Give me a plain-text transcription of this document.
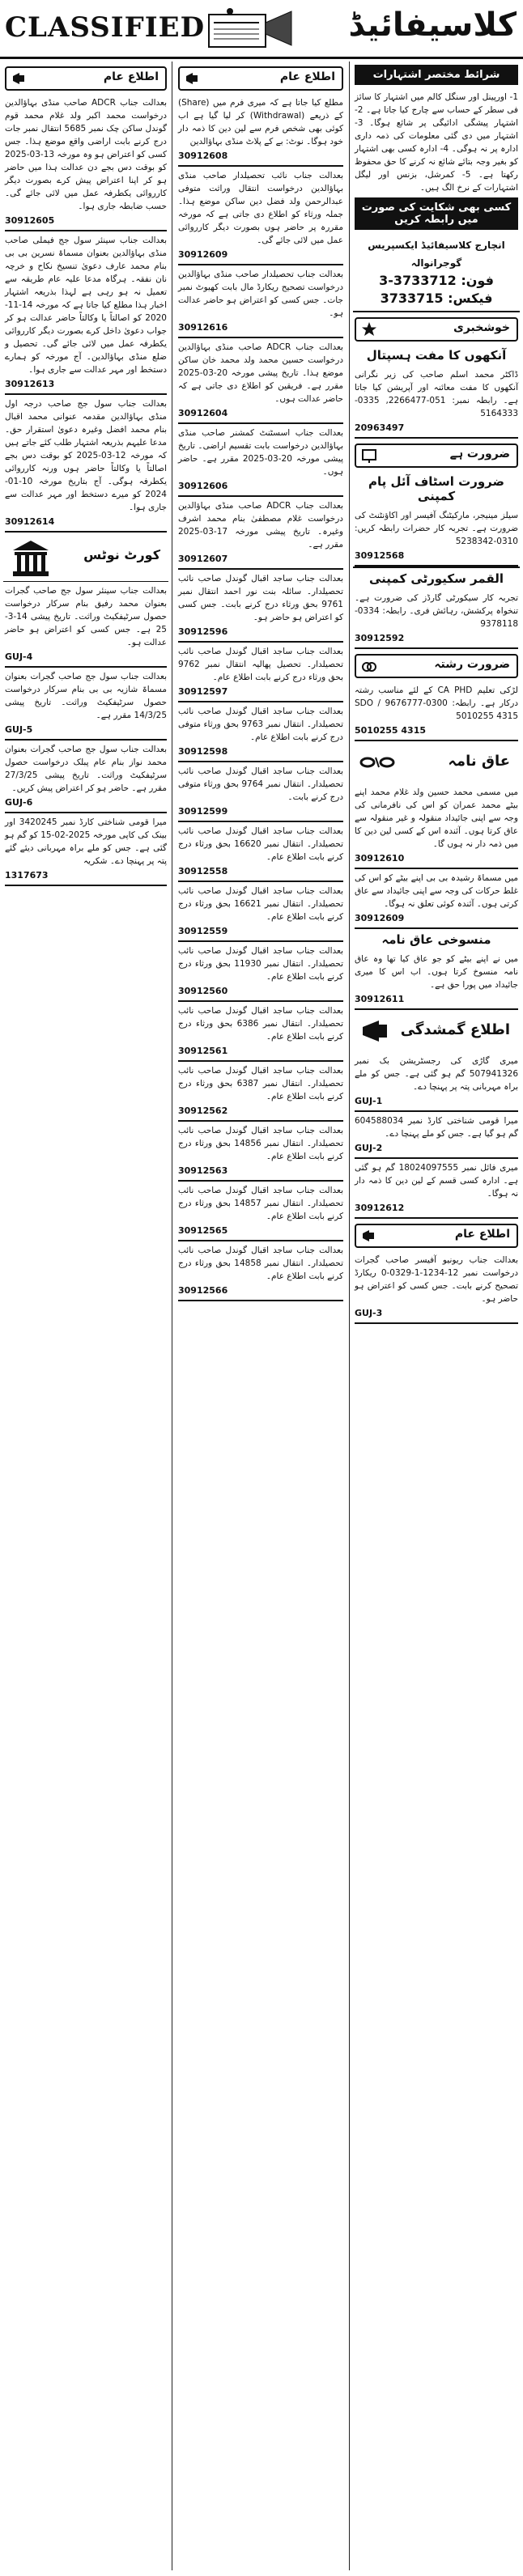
CLASSIFIED	کلاسیفائیڈ
اطلاع عام
بعدالت جناب ADCR صاحب منڈی بہاؤالدین درخواست محمد اکبر ولد غلام محمد قوم گوندل ساکن چک نمبر 5685 انتقال نمبر جات درج کرنے بابت اراضی واقع موضع ہذا۔ جس کسی کو اعتراض ہو وہ مورخہ 13-03-2025 کو بوقت دس بجے دن عدالت ہذا میں حاضر ہو کر اپنا اعتراض پیش کرے بصورت دیگر کارروائی یکطرفہ عمل میں لائی جائے گی۔ حسب ضابطہ جاری ہوا۔
30912605
بعدالت جناب سینئر سول جج فیملی صاحب منڈی بہاؤالدین بعنوان مسماۃ نسرین بی بی بنام محمد عارف دعویٰ تنسیخ نکاح و خرچہ نان نفقہ۔ ہرگاہ مدعا علیہ عام طریقہ سے تعمیل نہ ہو رہی ہے لہذا بذریعہ اشتہار اخبار ہذا مطلع کیا جاتا ہے کہ مورخہ 14-11-2020 کو اصالتاً یا وکالتاً حاضر عدالت ہو کر جواب دعویٰ داخل کرے بصورت دیگر کارروائی یکطرفہ عمل میں لائی جائے گی۔ تحصیل و ضلع منڈی بہاؤالدین۔ آج مورخہ کو ہمارے دستخط اور مہر عدالت سے جاری ہوا۔
30912613
بعدالت جناب سول جج صاحب درجہ اول منڈی بہاؤالدین مقدمہ عنوانی محمد اقبال بنام محمد افضل وغیرہ دعویٰ استقرار حق۔ مدعا علیہم بذریعہ اشتہار طلب کئے جاتے ہیں کہ مورخہ 12-03-2025 کو بوقت دس بجے اصالتاً یا وکالتاً حاضر ہوں ورنہ کارروائی یکطرفہ ہوگی۔ آج بتاریخ مورخہ 10-01-2024 کو میرے دستخط اور مہر عدالت سے جاری ہوا۔
30912614
کورٹ نوٹس
بعدالت جناب سینئر سول جج صاحب گجرات بعنوان محمد رفیق بنام سرکار درخواست حصول سرٹیفکیٹ وراثت۔ تاریخ پیشی 14-3-25 ہے۔ جس کسی کو اعتراض ہو حاضر عدالت ہو۔
GUJ-4
بعدالت جناب سول جج صاحب گجرات بعنوان مسماۃ شازیہ بی بی بنام سرکار درخواست حصول سرٹیفکیٹ وراثت۔ تاریخ پیشی 14/3/25 مقرر ہے۔
GUJ-5
بعدالت جناب سول جج صاحب گجرات بعنوان محمد نواز بنام عام پبلک درخواست حصول سرٹیفکیٹ وراثت۔ تاریخ پیشی 27/3/25 مقرر ہے۔ حاضر ہو کر اعتراض پیش کریں۔
GUJ-6
میرا قومی شناختی کارڈ نمبر 3420245 اور بینک کی کاپی مورخہ 2025-02-15 کو گم ہو گئی ہے۔ جس کو ملے براہ مہربانی دیئے گئے پتہ پر پہنچا دے۔ شکریہ
1317673
اطلاع عام
مطلع کیا جاتا ہے کہ میری فرم میں (Share) کے ذریعے (Withdrawal) کر لیا گیا ہے اب کوئی بھی شخص فرم سے لین دین کا ذمہ دار خود ہوگا۔ نوٹ: بے کے پلاٹ منڈی بہاؤالدین
30912608
بعدالت جناب نائب تحصیلدار صاحب منڈی بہاؤالدین درخواست انتقال وراثت متوفی عبدالرحمن ولد فضل دین ساکن موضع ہذا۔ جملہ ورثاء کو اطلاع دی جاتی ہے کہ مورخہ مقررہ پر حاضر ہوں بصورت دیگر کارروائی عمل میں لائی جائے گی۔
30912609
بعدالت جناب تحصیلدار صاحب منڈی بہاؤالدین درخواست تصحیح ریکارڈ مال بابت کھیوٹ نمبر جات۔ جس کسی کو اعتراض ہو حاضر عدالت ہو۔
30912616
بعدالت جناب ADCR صاحب منڈی بہاؤالدین درخواست حسین محمد ولد محمد خان ساکن موضع ہذا۔ تاریخ پیشی مورخہ 20-03-2025 مقرر ہے۔ فریقین کو اطلاع دی جاتی ہے کہ حاضر عدالت ہوں۔
30912604
بعدالت جناب اسسٹنٹ کمشنر صاحب منڈی بہاؤالدین درخواست بابت تقسیم اراضی۔ تاریخ پیشی مورخہ 20-03-2025 مقرر ہے۔ حاضر ہوں۔
30912606
بعدالت جناب ADCR صاحب منڈی بہاؤالدین درخواست غلام مصطفیٰ بنام محمد اشرف وغیرہ۔ تاریخ پیشی مورخہ 17-03-2025 مقرر ہے۔
30912607
بعدالت جناب ساجد اقبال گوندل صاحب نائب تحصیلدار۔ سائلہ بنت نور احمد انتقال نمبر 9761 بحق ورثاء درج کرنے بابت۔ جس کسی کو اعتراض ہو حاضر ہو۔
30912596
بعدالت جناب ساجد اقبال گوندل صاحب نائب تحصیلدار۔ تحصیل پھالیہ انتقال نمبر 9762 بحق ورثاء درج کرنے بابت اطلاع عام۔
30912597
بعدالت جناب ساجد اقبال گوندل صاحب نائب تحصیلدار۔ انتقال نمبر 9763 بحق ورثاء متوفی درج کرنے بابت اطلاع عام۔
30912598
بعدالت جناب ساجد اقبال گوندل صاحب نائب تحصیلدار۔ انتقال نمبر 9764 بحق ورثاء متوفی درج کرنے بابت۔
30912599
بعدالت جناب ساجد اقبال گوندل صاحب نائب تحصیلدار۔ انتقال نمبر 16620 بحق ورثاء درج کرنے بابت اطلاع عام۔
30912558
بعدالت جناب ساجد اقبال گوندل صاحب نائب تحصیلدار۔ انتقال نمبر 16621 بحق ورثاء درج کرنے بابت اطلاع عام۔
30912559
بعدالت جناب ساجد اقبال گوندل صاحب نائب تحصیلدار۔ انتقال نمبر 11930 بحق ورثاء درج کرنے بابت اطلاع عام۔
30912560
بعدالت جناب ساجد اقبال گوندل صاحب نائب تحصیلدار۔ انتقال نمبر 6386 بحق ورثاء درج کرنے بابت اطلاع عام۔
30912561
بعدالت جناب ساجد اقبال گوندل صاحب نائب تحصیلدار۔ انتقال نمبر 6387 بحق ورثاء درج کرنے بابت اطلاع عام۔
30912562
بعدالت جناب ساجد اقبال گوندل صاحب نائب تحصیلدار۔ انتقال نمبر 14856 بحق ورثاء درج کرنے بابت اطلاع عام۔
30912563
بعدالت جناب ساجد اقبال گوندل صاحب نائب تحصیلدار۔ انتقال نمبر 14857 بحق ورثاء درج کرنے بابت اطلاع عام۔
30912565
بعدالت جناب ساجد اقبال گوندل صاحب نائب تحصیلدار۔ انتقال نمبر 14858 بحق ورثاء درج کرنے بابت اطلاع عام۔
30912566
شرائط مختصر اشتہارات
1- اورپینل اور سنگل کالم میں اشتہار کا سائز فی سطر کے حساب سے چارج کیا جاتا ہے۔ 2- اشتہار پیشگی ادائیگی پر شائع ہوگا۔ 3- اشتہار میں دی گئی معلومات کی ذمہ داری ادارہ پر نہ ہوگی۔ 4- ادارہ کسی بھی اشتہار کو بغیر وجہ بتائے شائع نہ کرنے کا حق محفوظ رکھتا ہے۔ 5- کمرشل، بزنس اور لیگل اشتہارات کے نرخ الگ ہیں۔
کسی بھی شکایت کی صورت میں رابطہ کریں
انچارج کلاسیفائیڈ ایکسپریس گوجرانوالہ
فون: 3733712-3
فیکس: 3733715
خوشخبری
آنکھوں کا مفت ہسپتال
ڈاکٹر محمد اسلم صاحب کی زیر نگرانی آنکھوں کا مفت معائنہ اور آپریشن کیا جاتا ہے۔ رابطہ نمبر: 051-2266477, 0335-5164333
20963497
ضرورت ہے
ضرورت اسٹاف آئل پام کمپنی
سیلز مینیجر، مارکیٹنگ آفیسر اور اکاؤنٹنٹ کی ضرورت ہے۔ تجربہ کار حضرات رابطہ کریں: 0310-5238342
30912568
القمر سکیورٹی کمپنی
تجربہ کار سیکورٹی گارڈز کی ضرورت ہے۔ تنخواہ پرکشش، رہائش فری۔ رابطہ: 0334-9378118
30912592
ضرورت رشتہ
لڑکی تعلیم CA PHD کے لئے مناسب رشتہ درکار ہے۔ رابطہ: 0300-9676777 / SDO 5010255 4315
5010255 4315
عاق نامہ
میں مسمی محمد حسین ولد غلام محمد اپنے بیٹے محمد عمران کو اس کی نافرمانی کی وجہ سے اپنی جائیداد منقولہ و غیر منقولہ سے عاق کرتا ہوں۔ آئندہ اس کے کسی لین دین کا میں ذمہ دار نہ ہوں گا۔
30912610
میں مسماۃ رشیدہ بی بی اپنے بیٹے کو اس کی غلط حرکات کی وجہ سے اپنی جائیداد سے عاق کرتی ہوں۔ آئندہ کوئی تعلق نہ ہوگا۔
30912609
منسوخی عاق نامہ
میں نے اپنے بیٹے کو جو عاق کیا تھا وہ عاق نامہ منسوخ کرتا ہوں۔ اب اس کا میری جائیداد میں پورا حق ہے۔
30912611
اطلاع گمشدگی
میری گاڑی کی رجسٹریشن بک نمبر 507941326 گم ہو گئی ہے۔ جس کو ملے براہ مہربانی پتہ پر پہنچا دے۔
GUJ-1
میرا قومی شناختی کارڈ نمبر 604588034 گم ہو گیا ہے۔ جس کو ملے پہنچا دے۔
GUJ-2
میری فائل نمبر 18024097555 گم ہو گئی ہے۔ ادارہ کسی قسم کے لین دین کا ذمہ دار نہ ہوگا۔
30912612
اطلاع عام
بعدالت جناب ریونیو آفیسر صاحب گجرات درخواست نمبر 12-1234-1-0329-0 ریکارڈ تصحیح کرنے بابت۔ جس کسی کو اعتراض ہو حاضر ہو۔
GUJ-3
